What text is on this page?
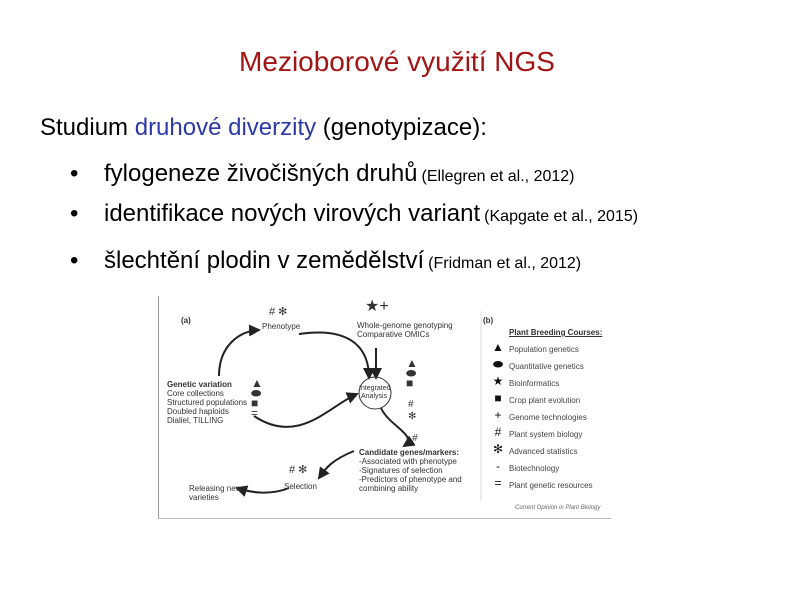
Mezioborové využití NGS
Studium druhové diverzity (genotypizace):
• fylogeneze živočišných druhů (Ellegren et al., 2012)
• identifikace nových virových variant (Kapgate et al., 2015)
• šlechtění plodin v zemědělství (Fridman et al., 2012)
(a)	(b)
# ✻
Phenotype
★+
Whole-genome genotyping
Comparative OMICs
Genetic variation
Core collections
Structured populations
Doubled haploids
Dialiel, TILLING
▲
⬬
■
=
Integrated
Analysis
▲
⬬
■
#
✻
- #
Candidate genes/markers:
-Associated with phenotype
-Signatures of selection
-Predictors of phenotype and
combining ability
# ✻
Selection
Releasing new
varieties
Plant Breeding Courses:
▲ Population genetics
⬬ Quantitative genetics
★ Bioinformatics
■ Crop plant evolution
+ Genome technologies
# Plant system biology
✻ Advanced statistics
-	Biotechnology
= Plant genetic resources
Current Opinion in Plant Biology
